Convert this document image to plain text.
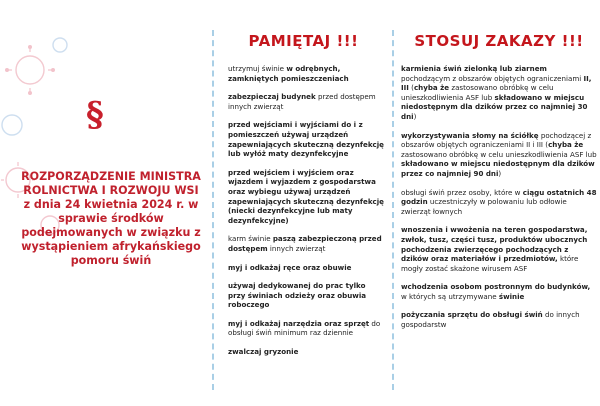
§

ROZPORZĄDZENIE MINISTRA ROLNICTWA I ROZWOJU WSI z dnia 24 kwietnia 2024 r. w sprawie środków podejmowanych w związku z wystąpieniem afrykańskiego pomoru świń

PAMIĘTAJ !!!
utrzymuj świnie w odrębnych, zamkniętych pomieszczeniach
zabezpieczaj budynek przed dostępem innych zwierząt
przed wejściami i wyjściami do i z pomieszczeń używaj urządzeń zapewniających skuteczną dezynfekcję lub wyłóż maty dezynfekcyjne
przed wejściem i wyjściem oraz wjazdem i wyjazdem z gospodarstwa oraz wybiegu używaj urządzeń zapewniających skuteczną dezynfekcję (niecki dezynfekcyjne lub maty dezynfekcyjne)
karm świnie paszą zabezpieczoną przed dostępem innych zwierząt
myj i odkażaj ręce oraz obuwie
używaj dedykowanej do prac tylko przy świniach odzieży oraz obuwia roboczego
myj i odkażaj narzędzia oraz sprzęt do obsługi świń minimum raz dziennie
zwalczaj gryzonie
STOSUJ ZAKAZY !!!
karmienia świń zielonką lub ziarnem pochodzącym z obszarów objętych ograniczeniami II, III (chyba że zastosowano obróbkę w celu unieszkodliwienia ASF lub składowano w miejscu niedostępnym dla dzików przez co najmniej 30 dni)
wykorzystywania słomy na ściółkę pochodzącej z obszarów objętych ograniczeniami II i III (chyba że zastosowano obróbkę w celu unieszkodliwienia ASF lub składowano w miejscu niedostępnym dla dzików przez co najmniej 90 dni)
obsługi świń przez osoby, które w ciągu ostatnich 48 godzin uczestniczyły w polowaniu lub odłowie zwierząt łownych
wnoszenia i wwożenia na teren gospodarstwa, zwłok, tusz, części tusz, produktów ubocznych pochodzenia zwierzęcego pochodzących z dzików oraz materiałów i przedmiotów, które mogły zostać skażone wirusem ASF
wchodzenia osobom postronnym do budynków, w których są utrzymywane świnie
pożyczania sprzętu do obsługi świń do innych gospodarstw
